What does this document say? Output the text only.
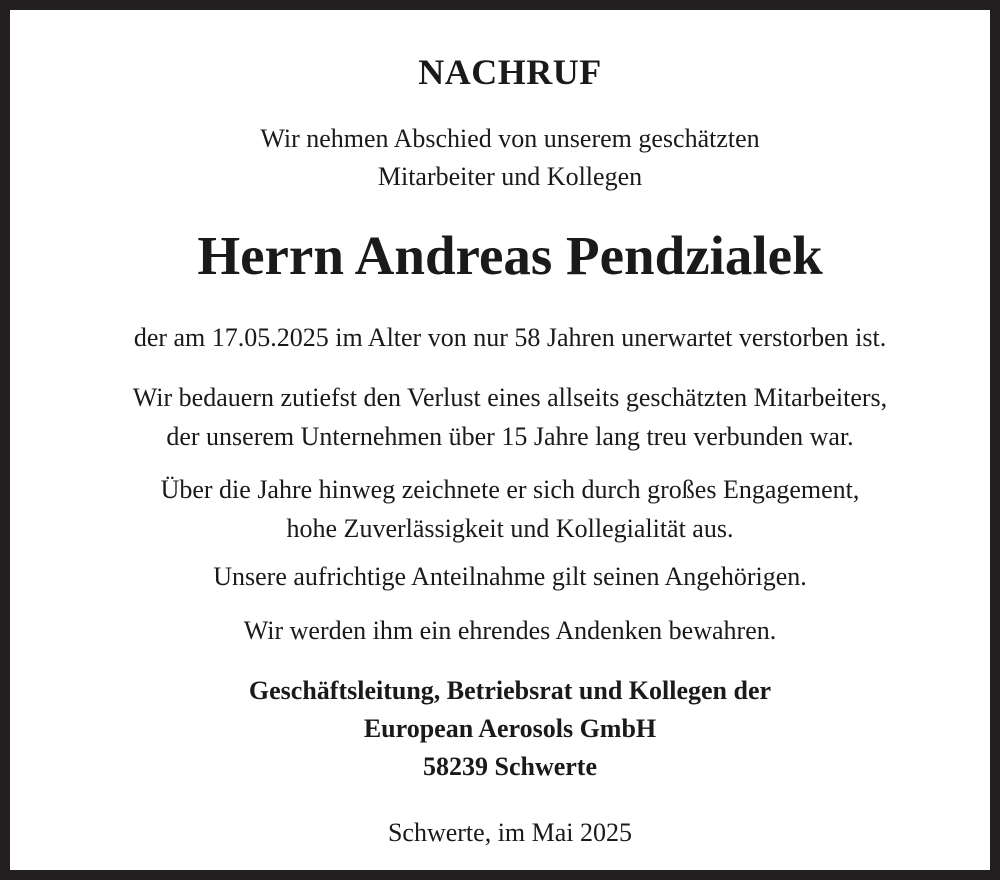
NACHRUF
Wir nehmen Abschied von unserem geschätzten
Mitarbeiter und Kollegen
Herrn Andreas Pendzialek
der am 17.05.2025 im Alter von nur 58 Jahren unerwartet verstorben ist.
Wir bedauern zutiefst den Verlust eines allseits geschätzten Mitarbeiters,
der unserem Unternehmen über 15 Jahre lang treu verbunden war.
Über die Jahre hinweg zeichnete er sich durch großes Engagement,
hohe Zuverlässigkeit und Kollegialität aus.
Unsere aufrichtige Anteilnahme gilt seinen Angehörigen.
Wir werden ihm ein ehrendes Andenken bewahren.
Geschäftsleitung, Betriebsrat und Kollegen der
European Aerosols GmbH
58239 Schwerte
Schwerte, im Mai 2025
